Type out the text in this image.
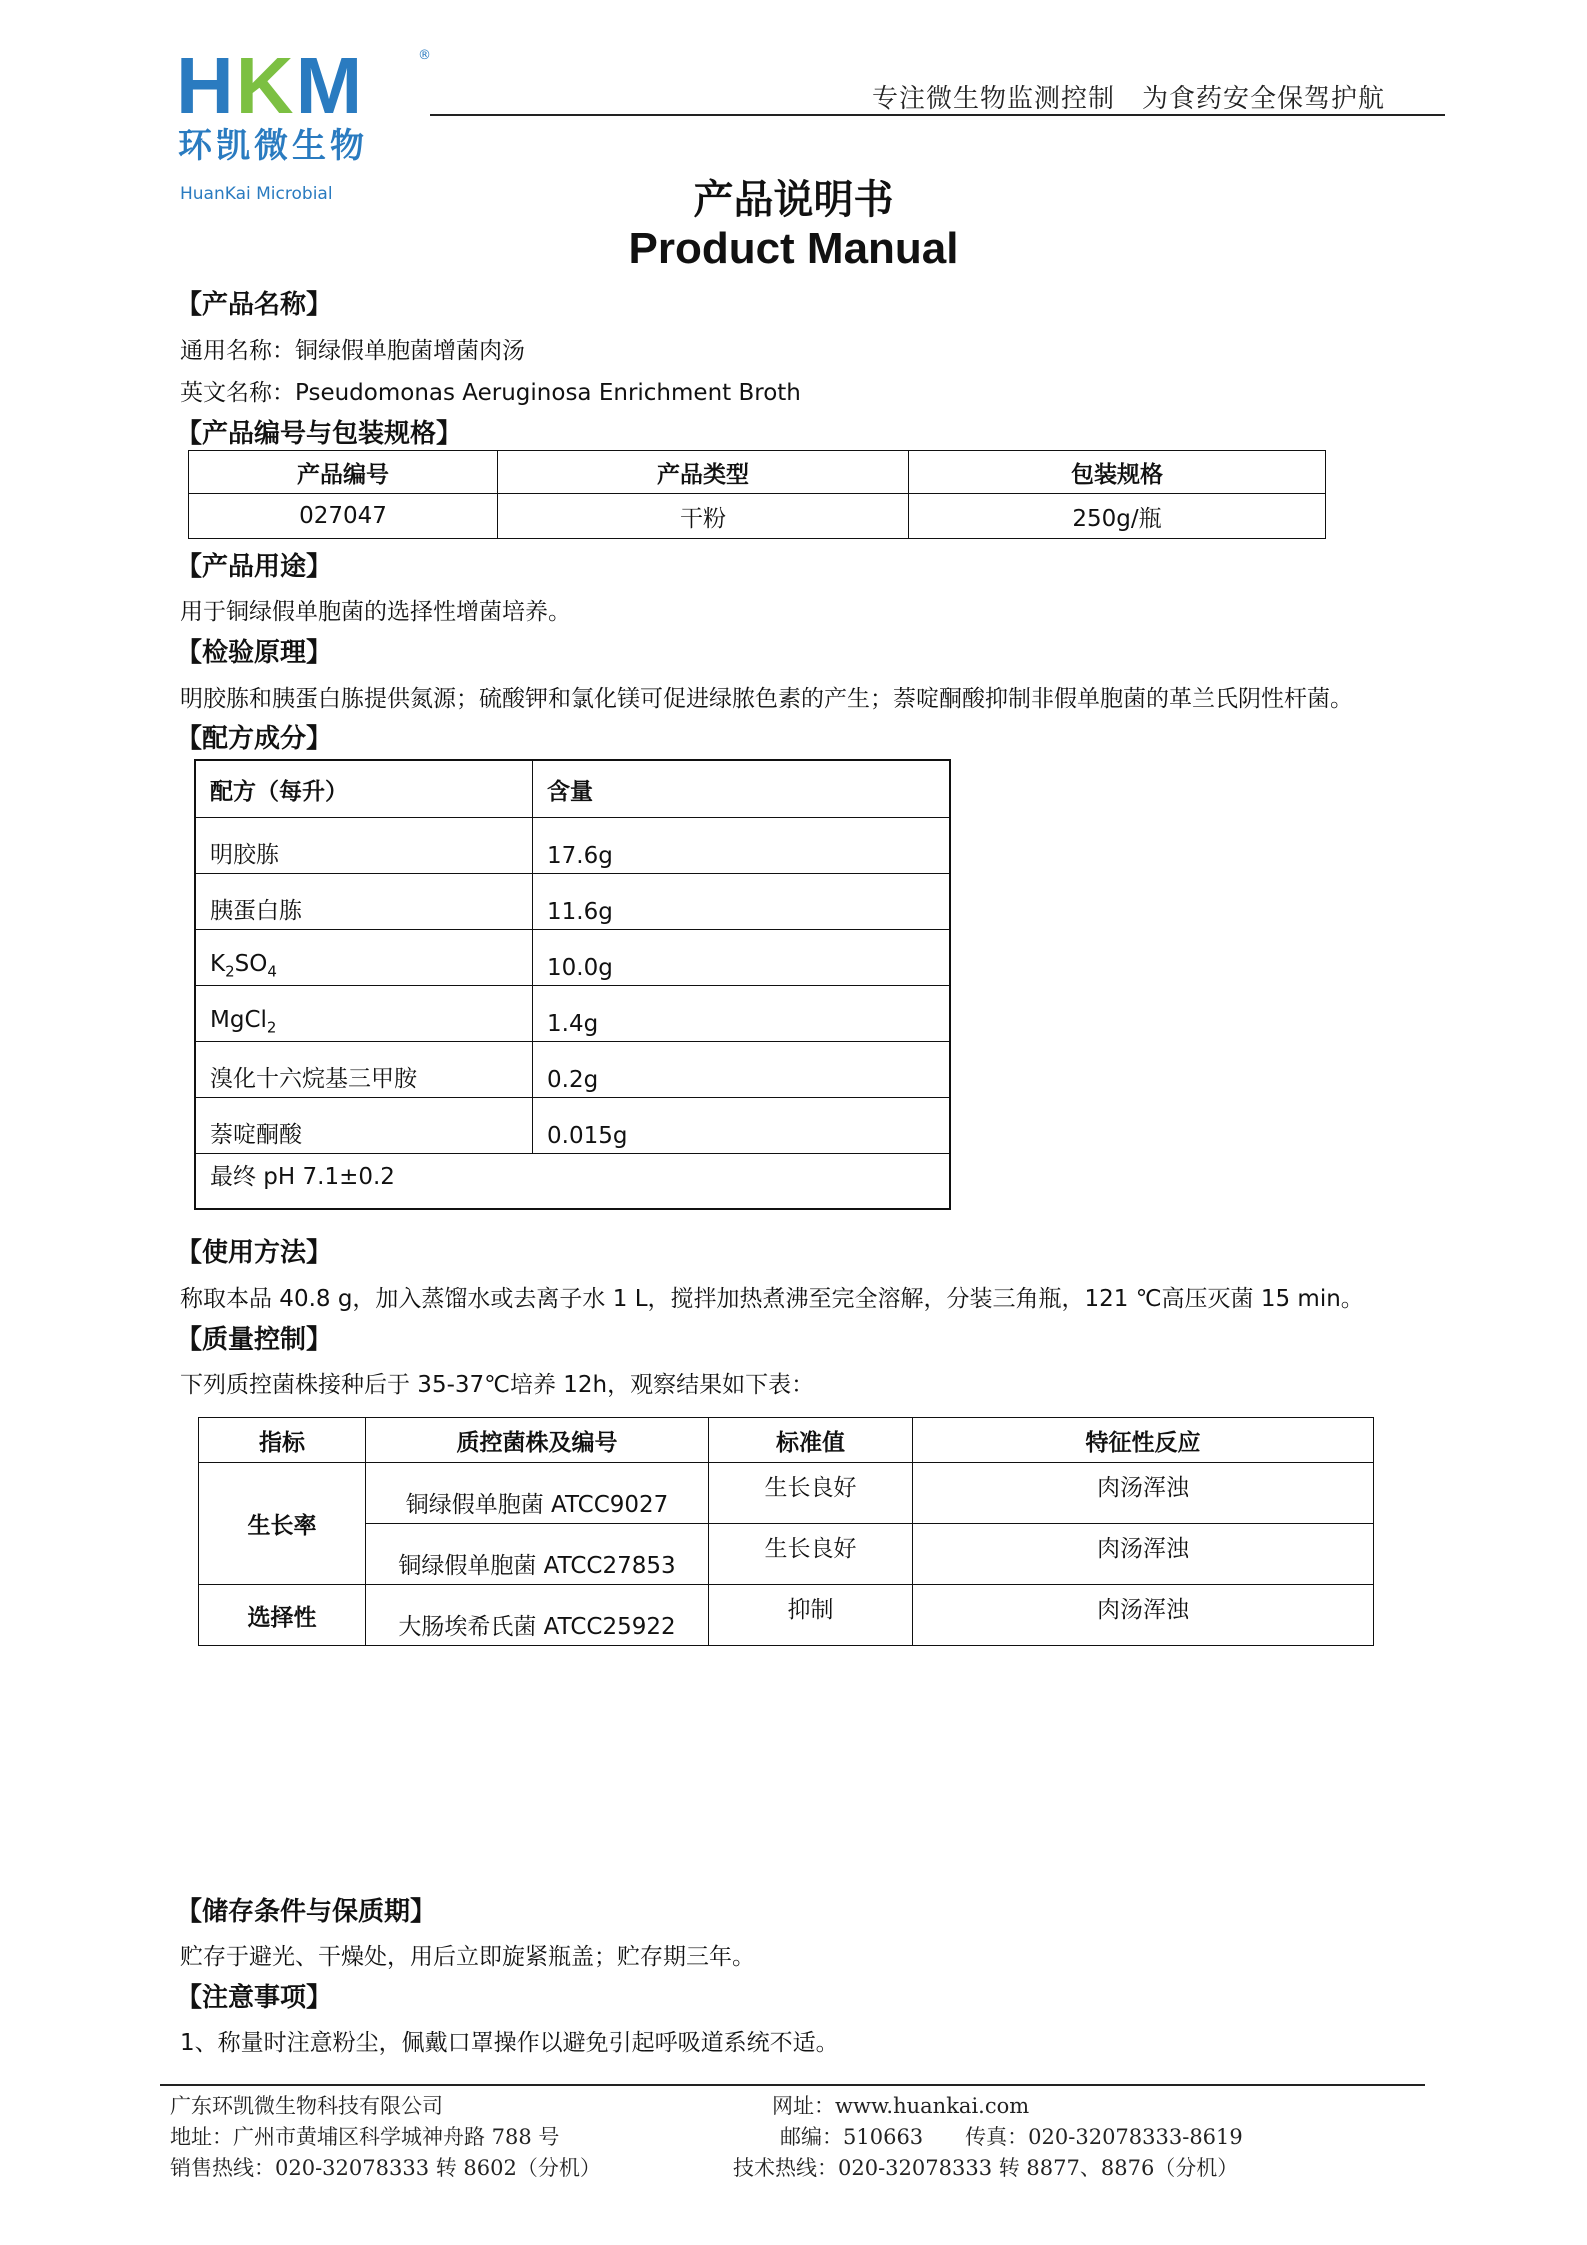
HKM	®
环凯微生物
HuanKai Microbial
专注微生物监测控制　为食药安全保驾护航
产品说明书
Product Manual
【产品名称】
通用名称：铜绿假单胞菌增菌肉汤
英文名称：Pseudomonas Aeruginosa Enrichment Broth
【产品编号与包装规格】
产品编号	产品类型	包装规格
027047	干粉	250g/瓶
【产品用途】
用于铜绿假单胞菌的选择性增菌培养。
【检验原理】
明胶胨和胰蛋白胨提供氮源；硫酸钾和氯化镁可促进绿脓色素的产生；萘啶酮酸抑制非假单胞菌的革兰氏阴性杆菌。
【配方成分】
配方（每升）	含量
明胶胨	17.6g
胰蛋白胨	11.6g
$K_2SO_4$	10.0g
MgCl$_2$	1.4g
溴化十六烷基三甲胺	0.2g
萘啶酮酸	0.015g
最终 pH 7.1±0.2	
【使用方法】
称取本品 40.8 g，加入蒸馏水或去离子水 1 L，搅拌加热煮沸至完全溶解，分装三角瓶，121 ℃高压灭菌 15 min。
【质量控制】
下列质控菌株接种后于 35-37℃培养 12h，观察结果如下表：
指标	质控菌株及编号	标准值	特征性反应
生长率	铜绿假单胞菌 ATCC9027	生长良好	肉汤浑浊
	铜绿假单胞菌 ATCC27853	生长良好	肉汤浑浊
选择性	大肠埃希氏菌 ATCC25922	抑制	肉汤浑浊
【储存条件与保质期】
贮存于避光、干燥处，用后立即旋紧瓶盖；贮存期三年。
【注意事项】
1、称量时注意粉尘，佩戴口罩操作以避免引起呼吸道系统不适。
广东环凯微生物科技有限公司
地址：广州市黄埔区科学城神舟路 788 号
销售热线：020-32078333 转 8602（分机）
网址：www.huankai.com
邮编：510663　　传真：020-32078333-8619
技术热线：020-32078333 转 8877、8876（分机）
